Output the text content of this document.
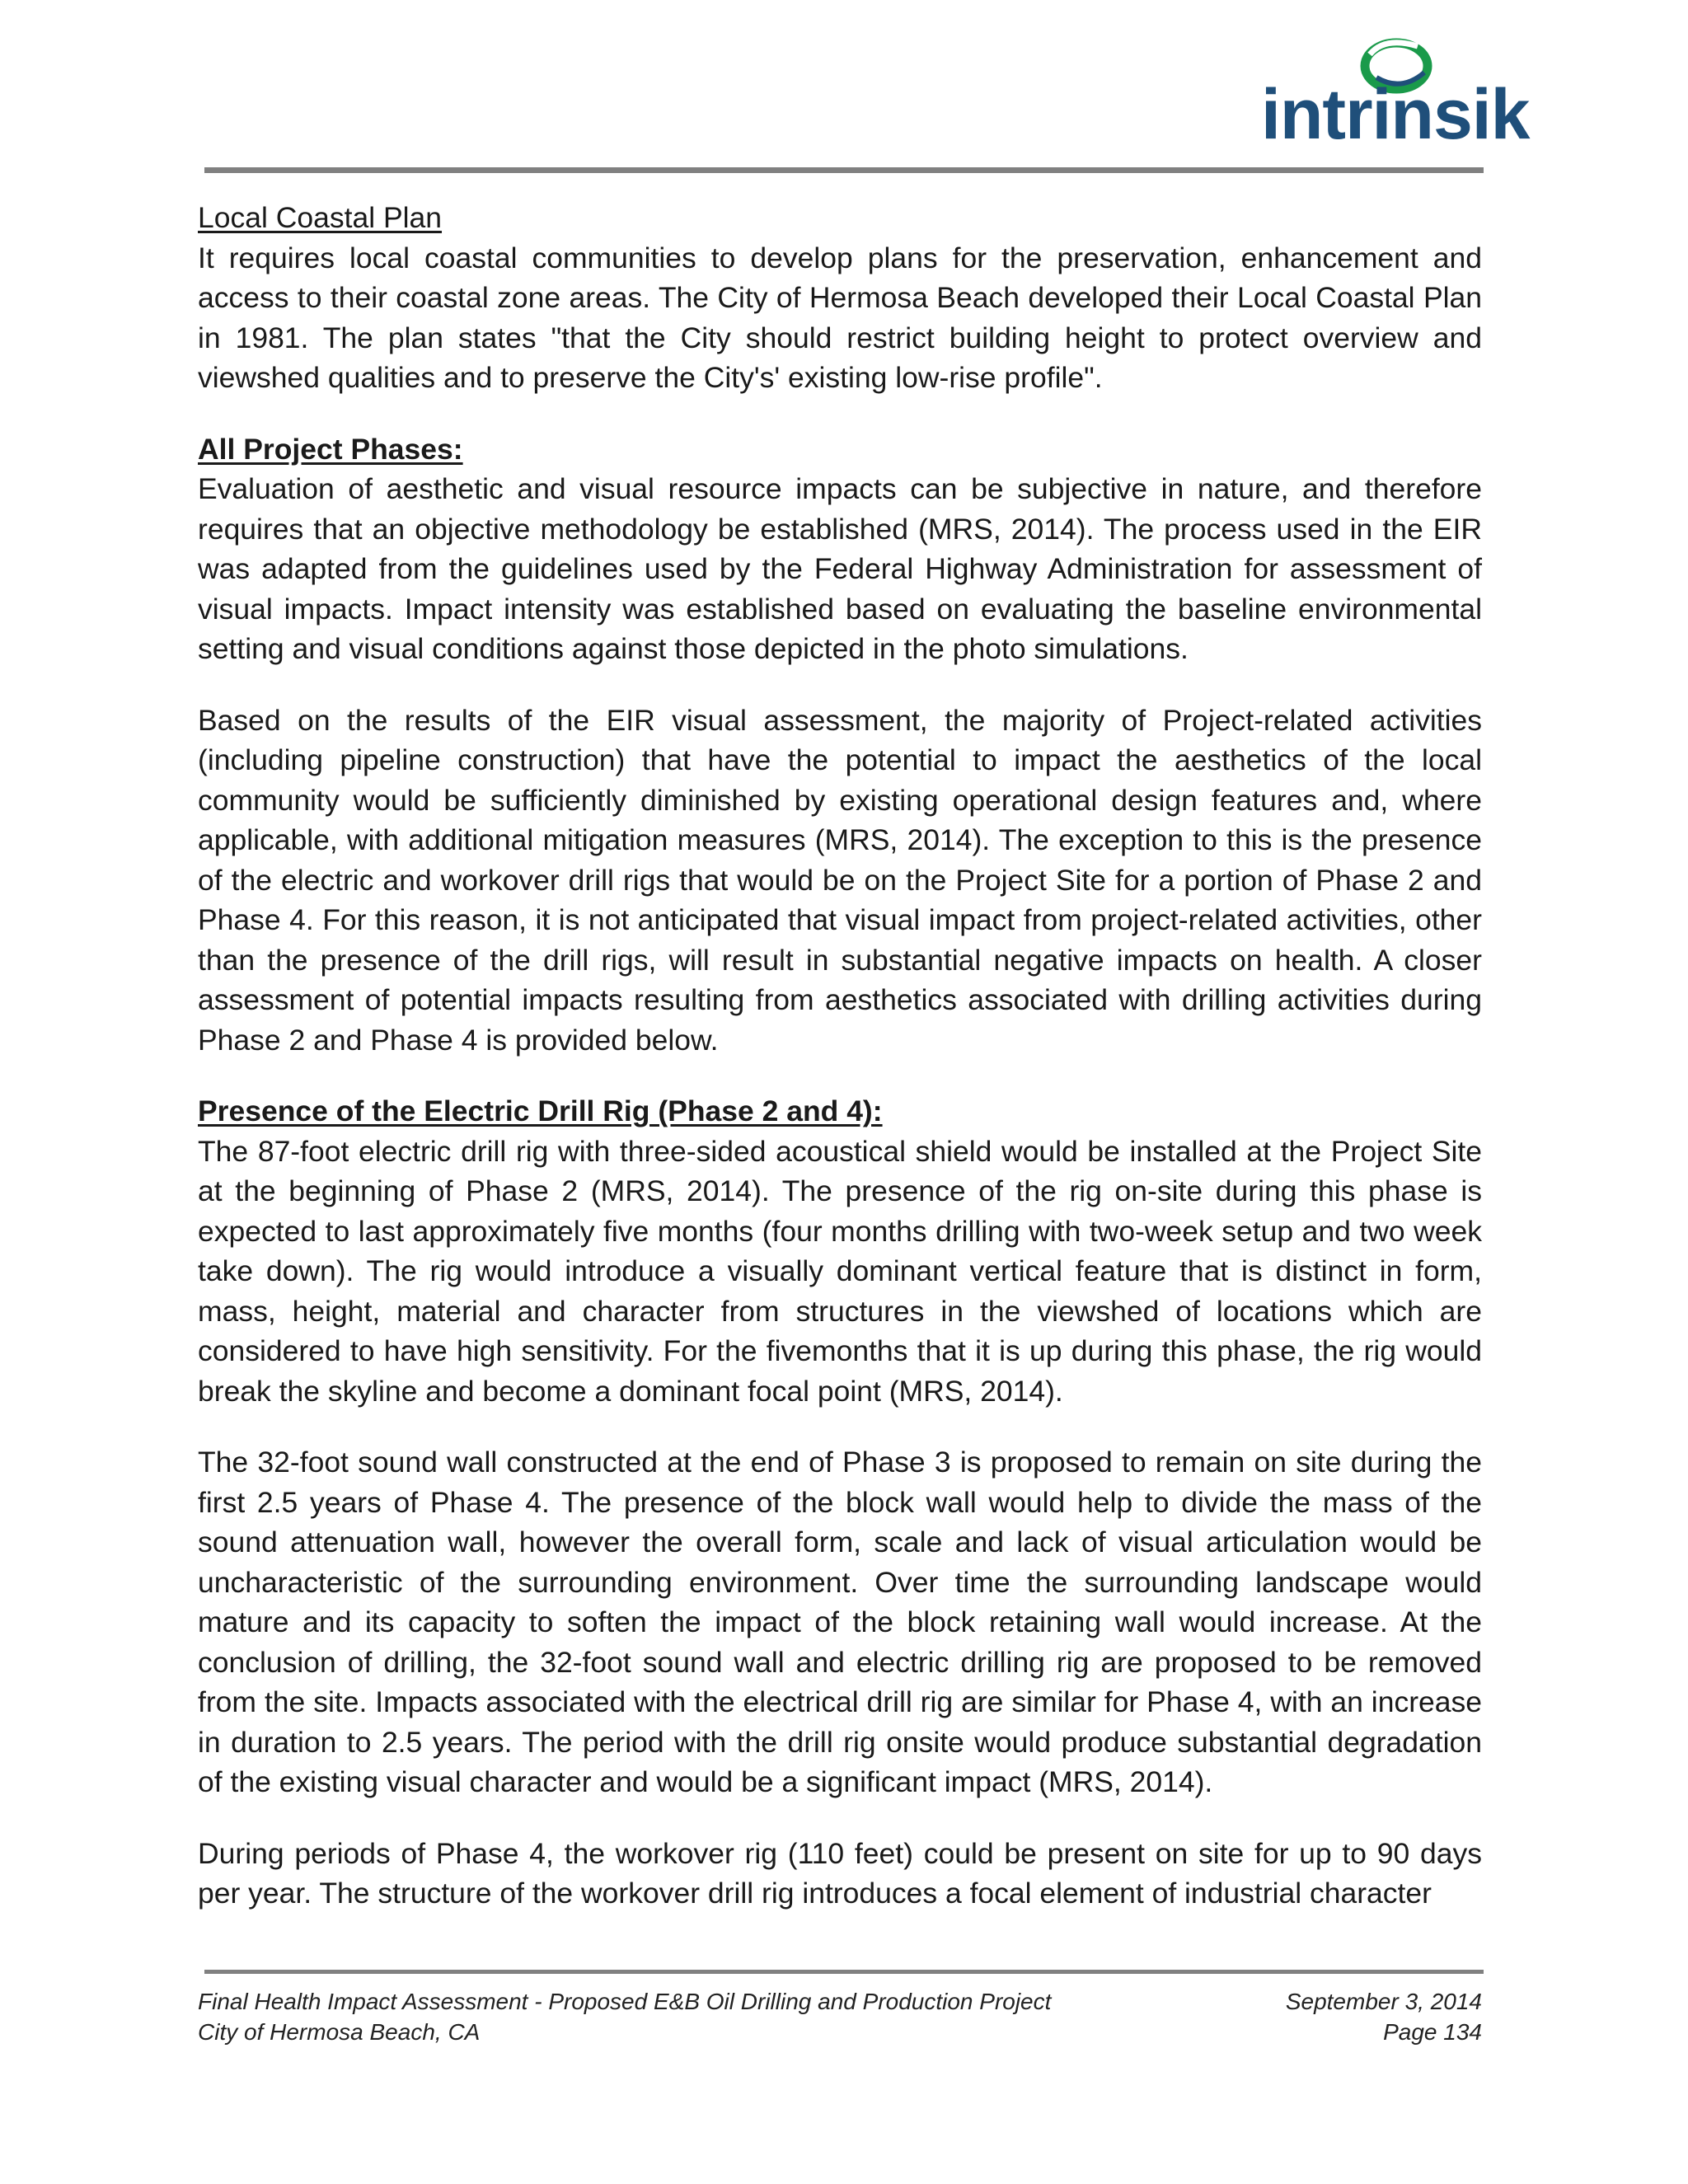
intrinsik

Local Coastal Plan

It requires local coastal communities to develop plans for the preservation, enhancement and access to their coastal zone areas. The City of Hermosa Beach developed their Local Coastal Plan in 1981. The plan states "that the City should restrict building height to protect overview and viewshed qualities and to preserve the City's' existing low-rise profile".

All Project Phases:

Evaluation of aesthetic and visual resource impacts can be subjective in nature, and therefore requires that an objective methodology be established (MRS, 2014). The process used in the EIR was adapted from the guidelines used by the Federal Highway Administration for assessment of visual impacts. Impact intensity was established based on evaluating the baseline environmental setting and visual conditions against those depicted in the photo simulations.

Based on the results of the EIR visual assessment, the majority of Project-related activities (including pipeline construction) that have the potential to impact the aesthetics of the local community would be sufficiently diminished by existing operational design features and, where applicable, with additional mitigation measures (MRS, 2014). The exception to this is the presence of the electric and workover drill rigs that would be on the Project Site for a portion of Phase 2 and Phase 4. For this reason, it is not anticipated that visual impact from project-related activities, other than the presence of the drill rigs, will result in substantial negative impacts on health. A closer assessment of potential impacts resulting from aesthetics associated with drilling activities during Phase 2 and Phase 4 is provided below.

Presence of the Electric Drill Rig (Phase 2 and 4):

The 87-foot electric drill rig with three-sided acoustical shield would be installed at the Project Site at the beginning of Phase 2 (MRS, 2014). The presence of the rig on-site during this phase is expected to last approximately five months (four months drilling with two-week setup and two week take down). The rig would introduce a visually dominant vertical feature that is distinct in form, mass, height, material and character from structures in the viewshed of locations which are considered to have high sensitivity. For the fivemonths that it is up during this phase, the rig would break the skyline and become a dominant focal point (MRS, 2014).

The 32-foot sound wall constructed at the end of Phase 3 is proposed to remain on site during the first 2.5 years of Phase 4. The presence of the block wall would help to divide the mass of the sound attenuation wall, however the overall form, scale and lack of visual articulation would be uncharacteristic of the surrounding environment. Over time the surrounding landscape would mature and its capacity to soften the impact of the block retaining wall would increase. At the conclusion of drilling, the 32-foot sound wall and electric drilling rig are proposed to be removed from the site. Impacts associated with the electrical drill rig are similar for Phase 4, with an increase in duration to 2.5 years. The period with the drill rig onsite would produce substantial degradation of the existing visual character and would be a significant impact (MRS, 2014).

During periods of Phase 4, the workover rig (110 feet) could be present on site for up to 90 days per year. The structure of the workover drill rig introduces a focal element of industrial character

Final Health Impact Assessment - Proposed E&B Oil Drilling and Production Project	September 3, 2014
City of Hermosa Beach, CA	Page 134
